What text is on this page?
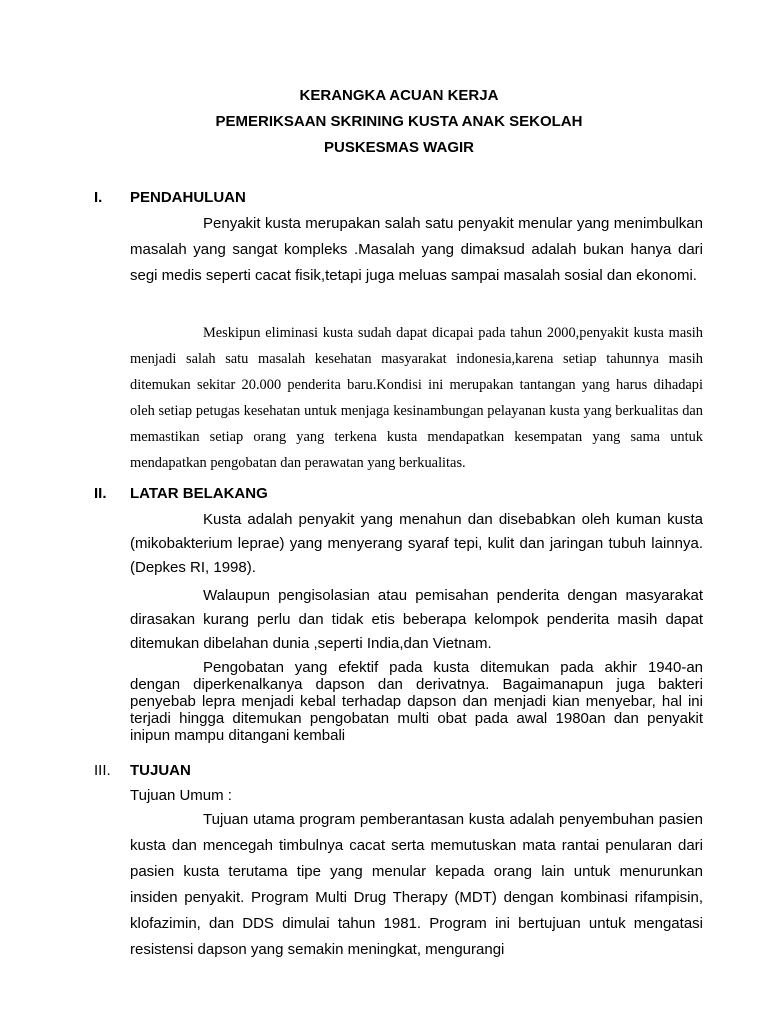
KERANGKA ACUAN KERJA
PEMERIKSAAN SKRINING KUSTA ANAK SEKOLAH
PUSKESMAS WAGIR
I. PENDAHULUAN

Penyakit kusta merupakan salah satu penyakit menular yang menimbulkan masalah yang sangat kompleks .Masalah yang dimaksud adalah bukan hanya dari segi medis seperti cacat fisik,tetapi juga meluas sampai masalah sosial dan ekonomi.

Meskipun eliminasi kusta sudah dapat dicapai pada tahun 2000,penyakit kusta masih menjadi salah satu masalah kesehatan masyarakat indonesia,karena setiap tahunnya masih ditemukan sekitar 20.000 penderita baru.Kondisi ini merupakan tantangan yang harus dihadapi oleh setiap petugas kesehatan untuk menjaga kesinambungan pelayanan kusta yang berkualitas dan memastikan setiap orang yang terkena kusta mendapatkan kesempatan yang sama untuk mendapatkan pengobatan dan perawatan yang berkualitas.

II. LATAR BELAKANG

Kusta adalah penyakit yang menahun dan disebabkan oleh kuman kusta (mikobakterium leprae) yang menyerang syaraf tepi, kulit dan jaringan tubuh lainnya. (Depkes RI, 1998).

Walaupun pengisolasian atau pemisahan penderita dengan masyarakat dirasakan kurang perlu dan tidak etis beberapa kelompok penderita masih dapat ditemukan dibelahan dunia ,seperti India,dan Vietnam.

Pengobatan yang efektif pada kusta ditemukan pada akhir 1940-an dengan diperkenalkanya dapson dan derivatnya. Bagaimanapun juga bakteri penyebab lepra menjadi kebal terhadap dapson dan menjadi kian menyebar, hal ini terjadi hingga ditemukan pengobatan multi obat pada awal 1980an dan penyakit inipun mampu ditangani kembali

III. TUJUAN
Tujuan Umum :

Tujuan utama program pemberantasan kusta adalah penyembuhan pasien kusta dan mencegah timbulnya cacat serta memutuskan mata rantai penularan dari pasien kusta terutama tipe yang menular kepada orang lain untuk menurunkan insiden penyakit. Program Multi Drug Therapy (MDT) dengan kombinasi rifampisin, klofazimin, dan DDS dimulai tahun 1981. Program ini bertujuan untuk mengatasi resistensi dapson yang semakin meningkat, mengurangi
